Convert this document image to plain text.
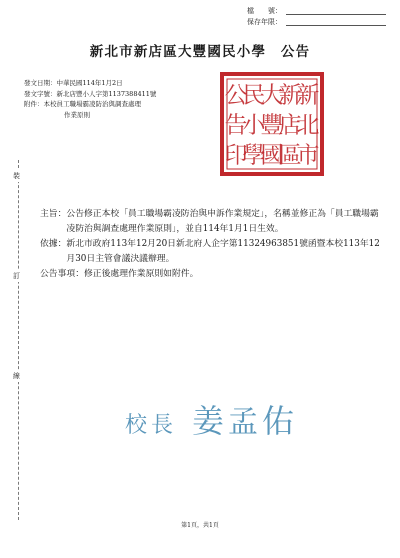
檔　　號：
保存年限：
新北市新店區大豐國民小學　公告
發文日期：中華民國114年1月2日
發文字號：新北店豐小人字第1137388411號
附件：本校員工職場霸凌防治與調查處理
作業原則
新
北
市
新
店
區
大
豐
國
民
小
學
公
告
印
裝
訂
線
主旨： 公告修正本校「員工職場霸凌防治與申訴作業規定」，名稱並修正為「員工職場霸凌防治與調查處理作業原則」，並自114年1月1日生效。
依據： 新北市政府113年12月20日新北府人企字第11324963851號函暨本校113年12月30日主管會議決議辦理。
公告事項： 修正後處理作業原則如附件。
校 長 姜 孟 佑
第1頁，共1頁
